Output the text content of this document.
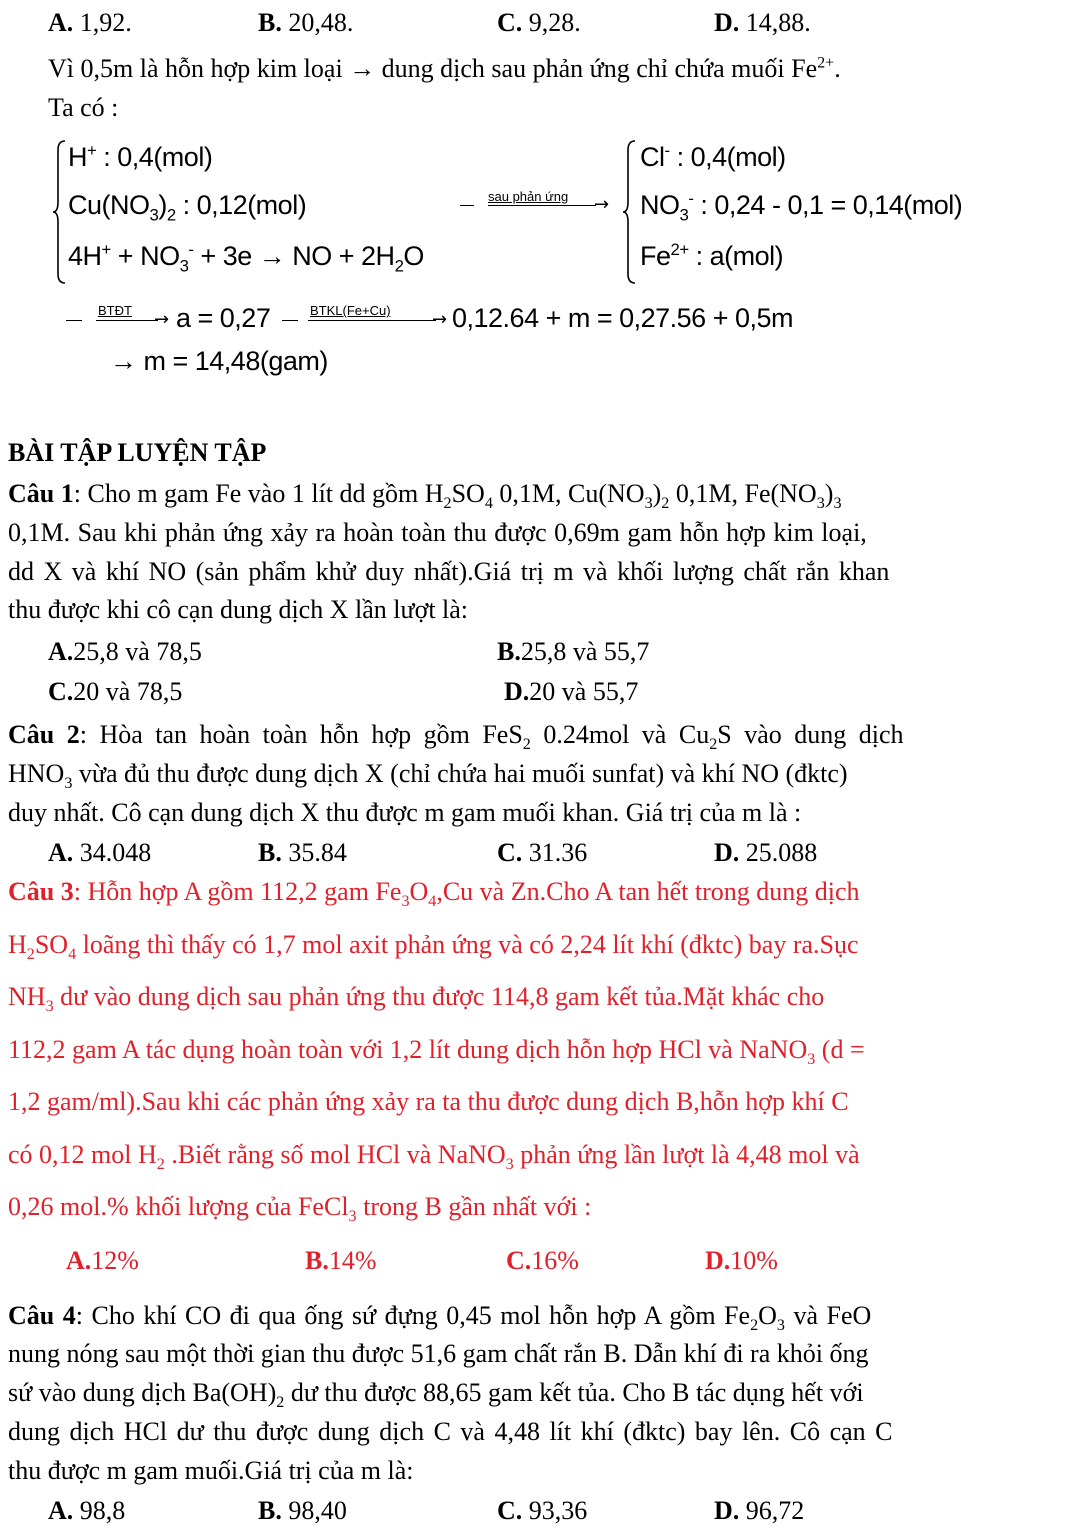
A. 1,92.	B. 20,48.	C. 9,28.	D. 14,88.
Vì 0,5m là hỗn hợp kim loại → dung dịch sau phản ứng chỉ chứa muối $Fe^{2+}$.
Ta có :
H+ : 0,4(mol)
$Cu(NO_3)_2$ : 0,12(mol)
$4H^+ + NO_3^- + 3e$ → NO + $2H_2O$
sau phản ứng →
Cl- : 0,4(mol)
$NO_3^-$ : 0,24 - 0,1 = 0,14(mol)
$Fe^{2+}$ : a(mol)
BTĐT → a = 0,27	BTKL(Fe+Cu) → 0,12.64 + m = 0,27.56 + 0,5m
→ m = 14,48(gam)
BÀI TẬP LUYỆN TẬP
Câu 1: Cho m gam Fe vào 1 lít dd gồm $H_2SO_4$ 0,1M, $Cu(NO_3)_2$ 0,1M, $Fe(NO_3)_3$
0,1M. Sau khi phản ứng xảy ra hoàn toàn thu được 0,69m gam hỗn hợp kim loại,
dd X và khí NO (sản phẩm khử duy nhất).Giá trị m và khối lượng chất rắn khan
thu được khi cô cạn dung dịch X lần lượt là:
A.25,8 và 78,5	B.25,8 và 55,7
C.20 và 78,5	D.20 và 55,7
Câu 2: Hòa tan hoàn toàn hỗn hợp gồm FeS$_2$ 0.24mol và $Cu_2S$ vào dung dịch
$HNO_3$ vừa đủ thu được dung dịch X (chỉ chứa hai muối sunfat) và khí NO (đktc)
duy nhất. Cô cạn dung dịch X thu được m gam muối khan. Giá trị của m là :
A. 34.048	B. 35.84	C. 31.36	D. 25.088
Câu 3: Hỗn hợp A gồm 112,2 gam $Fe_3O_4,Cu$ và Zn.Cho A tan hết trong dung dịch
$H_2SO_4$ loãng thì thấy có 1,7 mol axit phản ứng và có 2,24 lít khí (đktc) bay ra.Sục
$NH_3$ dư vào dung dịch sau phản ứng thu được 114,8 gam kết tủa.Mặt khác cho
112,2 gam A tác dụng hoàn toàn với 1,2 lít dung dịch hỗn hợp HCl và NaNO$_3$ (d =
1,2 gam/ml).Sau khi các phản ứng xảy ra ta thu được dung dịch B,hỗn hợp khí C
có 0,12 mol $H_2$ .Biết rằng số mol HCl và NaNO$_3$ phản ứng lần lượt là 4,48 mol và
0,26 mol.% khối lượng của FeCl$_3$ trong B gần nhất với :
A.12%	B.14%	C.16%	D.10%
Câu 4: Cho khí CO đi qua ống sứ đựng 0,45 mol hỗn hợp A gồm $Fe_2O_3$ và FeO
nung nóng sau một thời gian thu được 51,6 gam chất rắn B. Dẫn khí đi ra khỏi ống
sứ vào dung dịch $Ba(OH)_2$ dư thu được 88,65 gam kết tủa. Cho B tác dụng hết với
dung dịch HCl dư thu được dung dịch C và 4,48 lít khí (đktc) bay lên. Cô cạn C
thu được m gam muối.Giá trị của m là:
A. 98,8	B. 98,40	C. 93,36	D. 96,72
